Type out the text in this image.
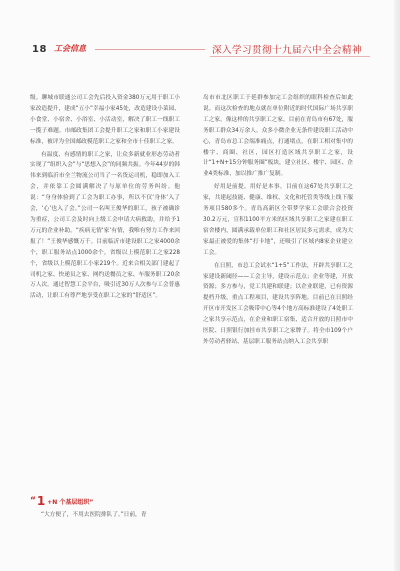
18 工会信息	深入学习贯彻十九届六中全会精神

级。聊城市联通公司工会先后投入资金380万元用于职工小家改造提升，建成“五小”幸福小家45处，改造建设小菜园、小食堂、小宿舍、小浴室、小活动室，解决了职工一线职工一揽子难题。市邮政集团工会提升职工之家和职工小家建设标准，被评为全国邮政模范职工之家和全市十佳职工之家。

有温度、有感情的职工之家，让众多新就业形态劳动者实现了“组织入会”与“思想入会”的同频共振。今年44岁的韩伟来到临沂市全兰物流公司当了一名货运司机，稳即加入工会，并依靠工会圆满解决了与原单位的劳务纠纷。他说：“身身体验到了工会为职工办事，所以不仅‘身体’入了会，‘心’也入了会。”公司一名叫王俊华的职工，孩子被确诊为重症，公司工会及时向上级工会申请大病救助，并给予1万元的企业补助。“疾病无情‘家’有情，我唯有努力工作来回报了！”王俊华感慨万千。目前临沂市建设职工之家4000余个，职工服务站点1000余个，省级以上模范职工之家228个，省级以上模范职工小家219个。近来合相关部门建起了司机之家、快递员之家、网约送餐员之家、车服务职工20余万人次。通过智慧工会平台，吸引近30万人次参与工会普惠活动，让职工有尊严地享受在职工之家的“舒适区”。

“ 1 +N 个基层组织”

“大方便了，不用去医院排队了。”日前，青

岛市市北区职工于延群参加完工会组织的眼科检查后如此说。而这次检查的地点就在单位附近的时代国际广场共享职工之家。像这样的共享职工之家，目前在青岛市有67处，服务职工群众34万余人。众多小微企业无条件建设职工活动中心，青岛市总工会端准痛点，打通堵点，在职工相对集中的楼宇、商圈、社区，园区打造区域共享职工之家，设计“1+N+15分钟服务圈”板块，建立社区、楼宇、园区、企业4类标准，加以推广推广复制。

好用是前提，用好是本事。目前在这67处共享职工之家，共建起技能、健康、维权、文化和托管类等线上线下服务项目580多个。青岛高新区仝带梦学家工会联合会投资30.2万元，宣积1100平方米的区域共享职工之家建在职工宿舍楼内，圆满承载单位职工和社区居民多元需求，成为大家最正被爱的集体“打卡地”，还吸引了区域内8家企业建立工会。

在日照，市总工会试水“1+5”工作法，开辟共享职工之家建设新阈径——工会主导，建设示范点；企业等建，开放资源；多方参与，党工共建和联建；以企业联建，已有资源提档升级，重点工程项目，建设共享阵地。目前已在日照经开区市开发区工会吸带中心等4个地方高标准建设了4处职工之家共享示范点，在企业和职工宿集、适合开放的日照市中医院、日照银行加挂市共享职工之家牌子。将全市109个户外劳动者驿站、基层职工服务站点纳入工会共享职
